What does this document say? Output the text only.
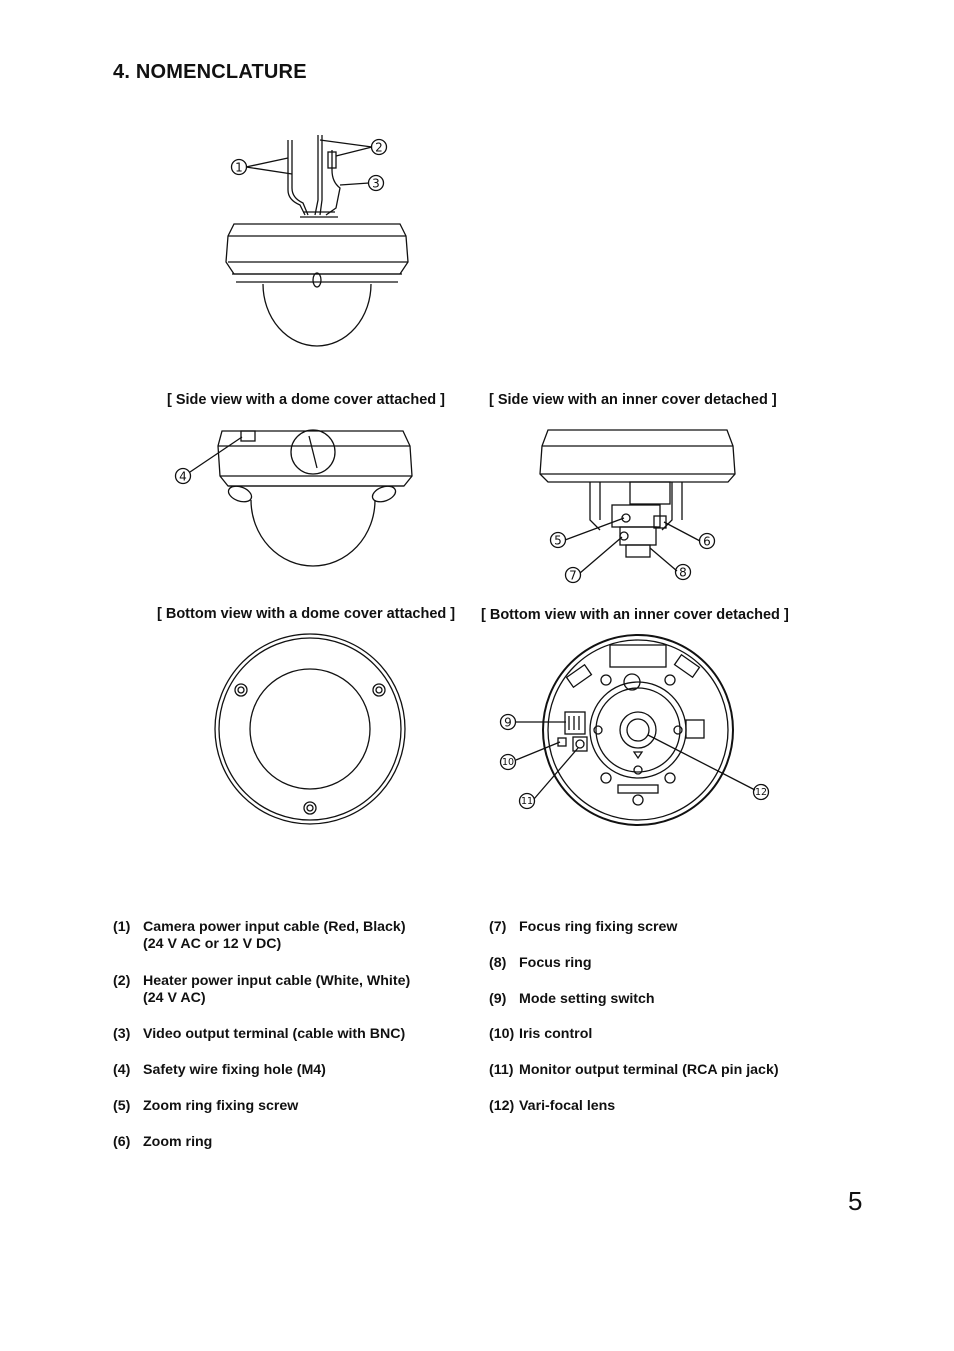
4. NOMENCLATURE
1
2
3
4
5	6
7	8
9
10
11
12
[ Side view with a dome cover attached ]	[ Side view with an inner cover detached ]
[ Bottom view with a dome cover attached ] [ Bottom view with an inner cover detached ]
(1) Camera power input cable (Red, Black)
(24 V AC or 12 V DC)
(2) Heater power input cable (White, White)
(24 V AC)
(3) Video output terminal (cable with BNC)
(4) Safety wire fixing hole (M4)
(5) Zoom ring fixing screw
(6) Zoom ring
(7) Focus ring fixing screw
(8) Focus ring
(9) Mode setting switch
(10) Iris control
(11) Monitor output terminal (RCA pin jack)
(12) Vari-focal lens
5
